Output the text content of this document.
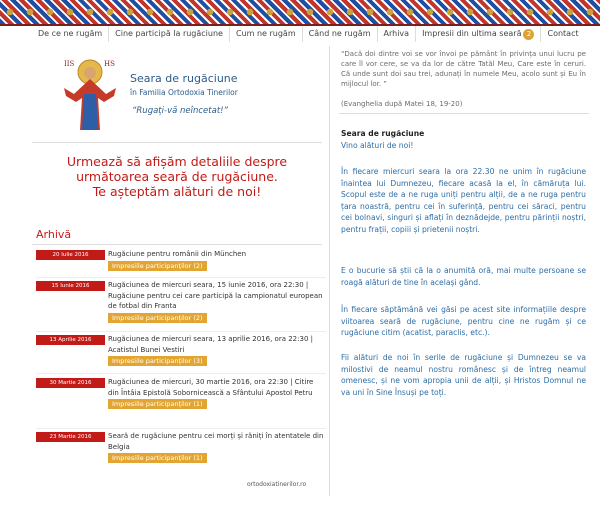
De ce ne rugăm	Cine participă la rugăciune	Cum ne rugăm	Când ne rugăm	Arhiva	Impresii din ultima seară 2	Contact
IIS	HS
Seara de rugăciune
în Familia Ortodoxia Tinerilor
“Rugați-vă neîncetat!”
Urmează să afișăm detaliile despre
următoarea seară de rugăciune.
Te așteptăm alături de noi!
Arhivă
20 Iulie 2016	Rugăciune pentru românii din München
Impresiile participanților (2)
15 Iunie 2016	Rugăciunea de miercuri seara, 15 iunie 2016, ora 22:30 | Rugăciune pentru cei care participă la campionatul european de fotbal din Franta
Impresiile participanților (2)
13 Aprilie 2016	Rugăciunea de miercuri seara, 13 aprilie 2016, ora 22:30 | Acatistul Bunei Vestiri
Impresiile participanților (3)
30 Martie 2016	Rugăciunea de miercuri, 30 martie 2016, ora 22:30 | Citire din Întâia Epistolă Sobornicească a Sfântului Apostol Petru
Impresiile participanților (1)
23 Martie 2016	Seară de rugăciune pentru cei morți și răniți în atentatele din Belgia
Impresiile participanților (1)
ortodoxiatinerilor.ro
“Dacă doi dintre voi se vor învoi pe pământ în privința unui lucru pe care îl vor cere, se va da lor de către Tatăl Meu, Care este în ceruri. Că unde sunt doi sau trei, adunați în numele Meu, acolo sunt și Eu în mijlocul lor. ”
(Evanghelia după Matei 18, 19-20)
Seara de rugăciune
Vino alături de noi!
În fiecare miercuri seara la ora 22.30 ne unim în rugăciune înaintea lui Dumnezeu, fiecare acasă la el, în cămăruța lui. Scopul este de a ne ruga uniți pentru alții, de a ne ruga pentru țara noastră, pentru cei în suferință, pentru cei săraci, pentru cei bolnavi, singuri și aflați în deznădejde, pentru părinții noștri, pentru frații, copiii și prietenii noștri.
E o bucurie să știi că la o anumită oră, mai multe persoane se roagă alături de tine în același gând.
În fiecare săptămână vei găsi pe acest site informațiile despre viitoarea seară de rugăciune, pentru cine ne rugăm și ce rugăciune citim (acatist, paraclis, etc.).
Fii alături de noi în serile de rugăciune și Dumnezeu se va milostivi de neamul nostru românesc și de întreg neamul omenesc, și ne vom apropia unii de alții, și Hristos Domnul ne va uni în Sine Însuși pe toți.
